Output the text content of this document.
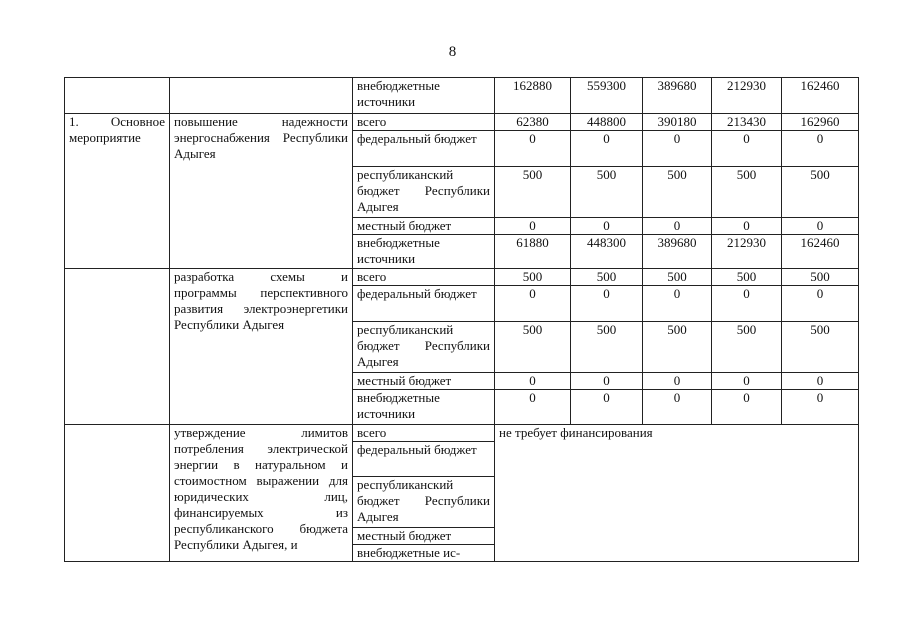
8
		внебюджетные источники	162880	559300	389680	212930	162460
1. Основное мероприятие	повышение надежности энергоснабжения Республики Адыгея	всего	62380	448800	390180	213430	162960
		федеральный бюджет	0	0	0	0	0
		республиканский бюджет Республики Адыгея	500	500	500	500	500
		местный бюджет	0	0	0	0	0
		внебюджетные источники	61880	448300	389680	212930	162460
	разработка схемы и программы перспективного развития электроэнергетики Республики Адыгея	всего	500	500	500	500	500
		федеральный бюджет	0	0	0	0	0
		республиканский бюджет Республики Адыгея	500	500	500	500	500
		местный бюджет	0	0	0	0	0
		внебюджетные источники	0	0	0	0	0
	утверждение лимитов потребления электрической энергии в натуральном и стоимостном выражении для юридических лиц, финансируемых из республиканского бюджета Республики Адыгея, и	всего	не требует финансирования				
		федеральный бюджет					
		республиканский бюджет Республики Адыгея					
		местный бюджет					

		внебюджетные ис-					
